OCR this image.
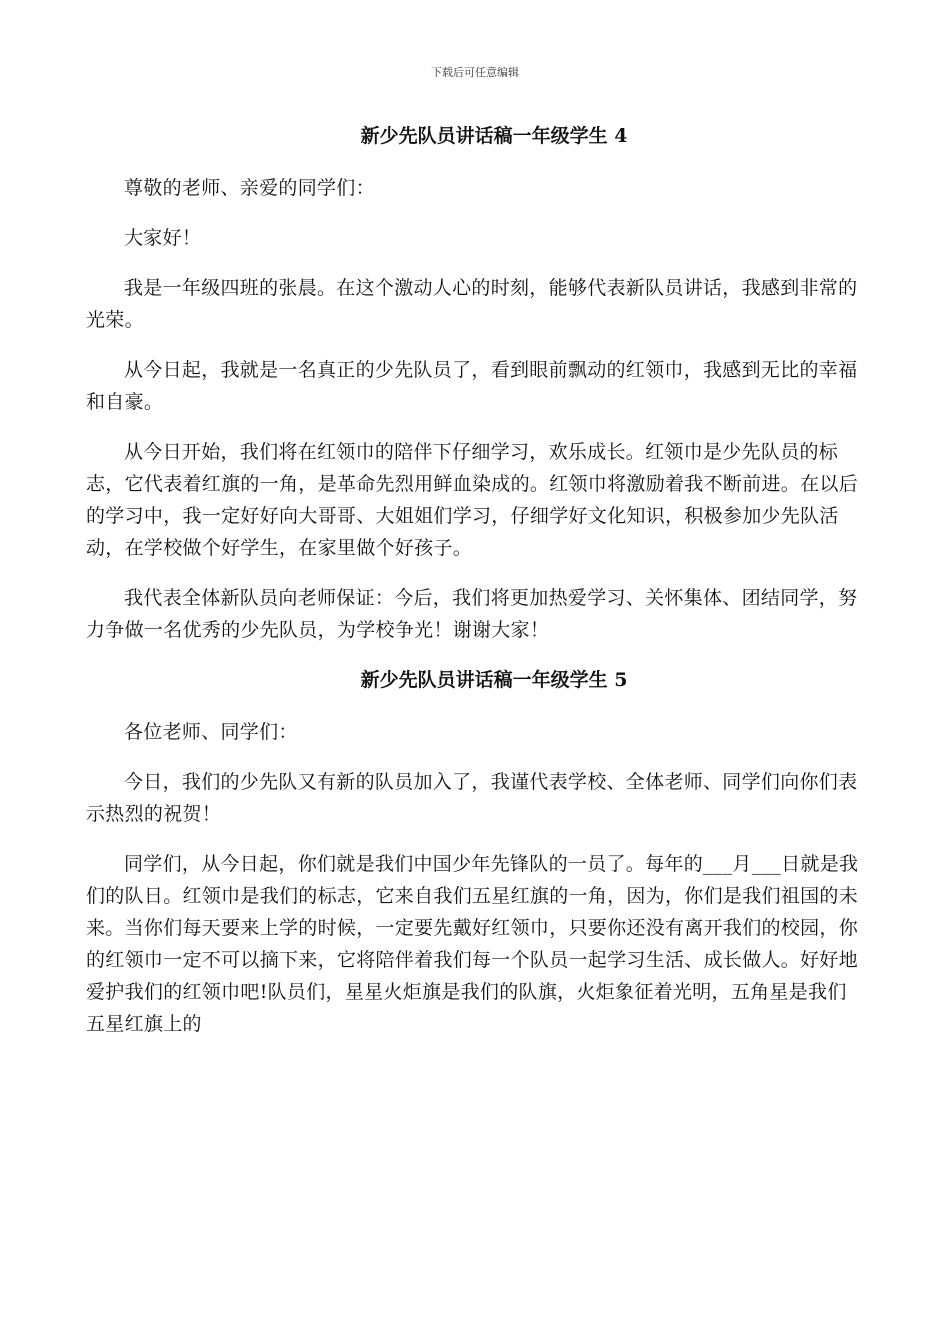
下载后可任意编辑
新少先队员讲话稿一年级学生 4

尊敬的老师、亲爱的同学们：

大家好！

我是一年级四班的张晨。在这个激动人心的时刻，能够代表新队员讲话，我感到非常的光荣。

从今日起，我就是一名真正的少先队员了，看到眼前飘动的红领巾，我感到无比的幸福和自豪。

从今日开始，我们将在红领巾的陪伴下仔细学习，欢乐成长。红领巾是少先队员的标志，它代表着红旗的一角，是革命先烈用鲜血染成的。红领巾将激励着我不断前进。在以后的学习中，我一定好好向大哥哥、大姐姐们学习，仔细学好文化知识，积极参加少先队活动，在学校做个好学生，在家里做个好孩子。

我代表全体新队员向老师保证：今后，我们将更加热爱学习、关怀集体、团结同学，努力争做一名优秀的少先队员，为学校争光！谢谢大家！

新少先队员讲话稿一年级学生 5

各位老师、同学们：

今日，我们的少先队又有新的队员加入了，我谨代表学校、全体老师、同学们向你们表示热烈的祝贺！

同学们，从今日起，你们就是我们中国少年先锋队的一员了。每年的___月___日就是我们的队日。红领巾是我们的标志，它来自我们五星红旗的一角，因为，你们是我们祖国的未来。当你们每天要来上学的时候，一定要先戴好红领巾，只要你还没有离开我们的校园，你的红领巾一定不可以摘下来，它将陪伴着我们每一个队员一起学习生活、成长做人。好好地爱护我们的红领巾吧!队员们，星星火炬旗是我们的队旗，火炬象征着光明，五角星是我们五星红旗上的
